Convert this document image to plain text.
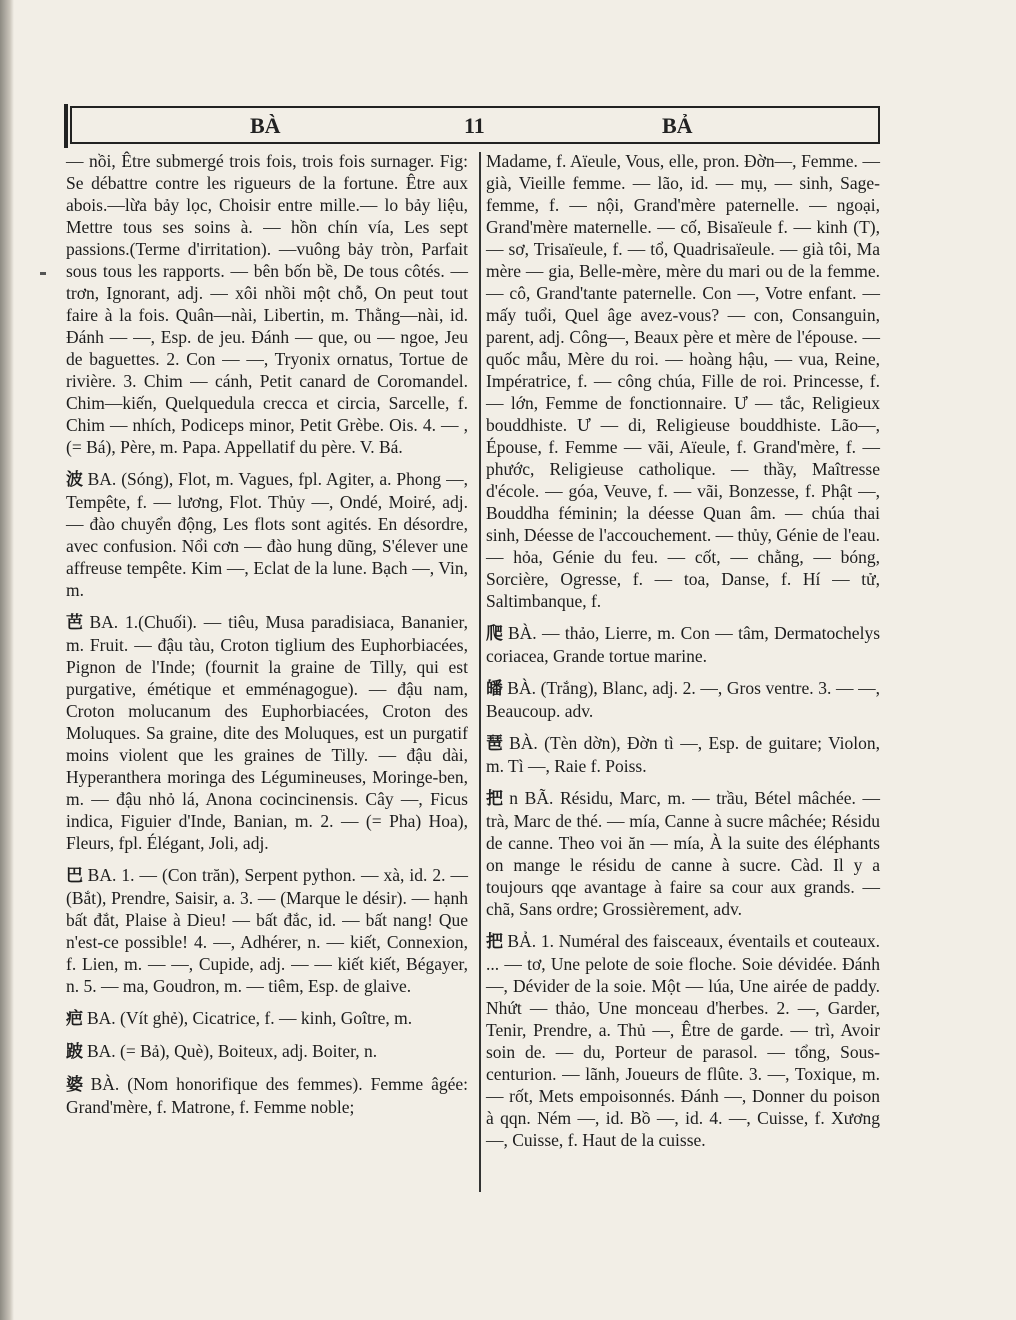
BÀ	11	BẢ
— nồi, Être submergé trois fois, trois fois surnager. Fig: Se débattre contre les rigueurs de la fortune. Être aux abois.—lừa bảy lọc, Choisir entre mille.— lo bảy liệu, Mettre tous ses soins à. — hồn chín vía, Les sept passions.(Terme d'irritation). —vuông bảy tròn, Parfait sous tous les rapports. — bên bốn bề, De tous côtés. — trơn, Ignorant, adj. — xôi nhồi một chỗ, On peut tout faire à la fois. Quân—nài, Libertin, m. Thằng—nài, id. Đánh — —, Esp. de jeu. Đánh — que, ou — ngoe, Jeu de baguettes. 2. Con — —, Tryonix ornatus, Tortue de rivière. 3. Chim — cánh, Petit canard de Coromandel. Chim—kiến, Quelquedula crecca et circia, Sarcelle, f. Chim — nhích, Podiceps minor, Petit Grèbe. Ois. 4. — , (= Bá), Père, m. Papa. Appellatif du père. V. Bá.
波 BA. (Sóng), Flot, m. Vagues, fpl. Agiter, a. Phong —, Tempête, f. — lương, Flot. Thủy —, Ondé, Moiré, adj. — đào chuyển động, Les flots sont agités. En désordre, avec confusion. Nổi cơn — đào hung dũng, S'élever une affreuse tempête. Kim —, Eclat de la lune. Bạch —, Vin, m.
芭 BA. 1.(Chuối). — tiêu, Musa paradisiaca, Bananier, m. Fruit. — đậu tàu, Croton tiglium des Euphorbiacées, Pignon de l'Inde; (fournit la graine de Tilly, qui est purgative, émétique et emménagogue). — đậu nam, Croton molucanum des Euphorbiacées, Croton des Moluques. Sa graine, dite des Moluques, est un purgatif moins violent que les graines de Tilly. — đậu dài, Hyperanthera moringa des Légumineuses, Moringe-ben, m. — đậu nhỏ lá, Anona cocincinensis. Cây —, Ficus indica, Figuier d'Inde, Banian, m. 2. — (= Pha) Hoa), Fleurs, fpl. Élégant, Joli, adj.
巴 BA. 1. — (Con trăn), Serpent python. — xà, id. 2. — (Bắt), Prendre, Saisir, a. 3. — (Marque le désir). — hạnh bất đắt, Plaise à Dieu! — bất đắc, id. — bất nang! Que n'est-ce possible! 4. —, Adhérer, n. — kiết, Connexion, f. Lien, m. — —, Cupide, adj. — — kiết kiết, Bégayer, n. 5. — ma, Goudron, m. — tiêm, Esp. de glaive.
疤 BA. (Vít ghẻ), Cicatrice, f. — kinh, Goître, m.
跛 BA. (= Bả), Què), Boiteux, adj. Boiter, n.
婆 BÀ. (Nom honorifique des femmes). Femme âgée: Grand'mère, f. Matrone, f. Femme noble;
Madame, f. Aïeule, Vous, elle, pron. Đờn—, Femme. — già, Vieille femme. — lão, id. — mụ, — sinh, Sage-femme, f. — nội, Grand'mère paternelle. — ngoại, Grand'mère maternelle. — cố, Bisaïeule f. — kinh (T), — sơ, Trisaïeule, f. — tổ, Quadrisaïeule. — già tôi, Ma mère — gia, Belle-mère, mère du mari ou de la femme. — cô, Grand'tante paternelle. Con —, Votre enfant. — mấy tuổi, Quel âge avez-vous? — con, Consanguin, parent, adj. Công—, Beaux père et mère de l'épouse. — quốc mẫu, Mère du roi. — hoàng hậu, — vua, Reine, Impératrice, f. — công chúa, Fille de roi. Princesse, f. — lớn, Femme de fonctionnaire. Ư — tắc, Religieux bouddhiste. Ư — di, Religieuse bouddhiste. Lão—, Épouse, f. Femme — vãi, Aïeule, f. Grand'mère, f. — phước, Religieuse catholique. — thầy, Maîtresse d'école. — góa, Veuve, f. — vãi, Bonzesse, f. Phật —, Bouddha féminin; la déesse Quan âm. — chúa thai sinh, Déesse de l'accouchement. — thủy, Génie de l'eau. — hỏa, Génie du feu. — cốt, — chằng, — bóng, Sorcière, Ogresse, f. — toa, Danse, f. Hí — tử, Saltimbanque, f.
爬 BÀ. — thảo, Lierre, m. Con — tâm, Dermatochelys coriacea, Grande tortue marine.
皤 BÀ. (Trắng), Blanc, adj. 2. —, Gros ventre. 3. — —, Beaucoup. adv.
琶 BÀ. (Tèn dờn), Đờn tì —, Esp. de guitare; Violon, m. Tì —, Raie f. Poiss.
把 n BÃ. Résidu, Marc, m. — trầu, Bétel mâchée. — trà, Marc de thé. — mía, Canne à sucre mâchée; Résidu de canne. Theo voi ăn — mía, À la suite des éléphants on mange le résidu de canne à sucre. Càd. Il y a toujours qqe avantage à faire sa cour aux grands. — chã, Sans ordre; Grossièrement, adv.
把 BẢ. 1. Numéral des faisceaux, éventails et couteaux. ... — tơ, Une pelote de soie floche. Soie dévidée. Đánh —, Dévider de la soie. Một — lúa, Une airée de paddy. Nhứt — thảo, Une monceau d'herbes. 2. —, Garder, Tenir, Prendre, a. Thủ —, Être de garde. — trì, Avoir soin de. — du, Porteur de parasol. — tổng, Sous-centurion. — lãnh, Joueurs de flûte. 3. —, Toxique, m. — rốt, Mets empoisonnés. Đánh —, Donner du poison à qqn. Ném —, id. Bồ —, id. 4. —, Cuisse, f. Xương —, Cuisse, f. Haut de la cuisse.
